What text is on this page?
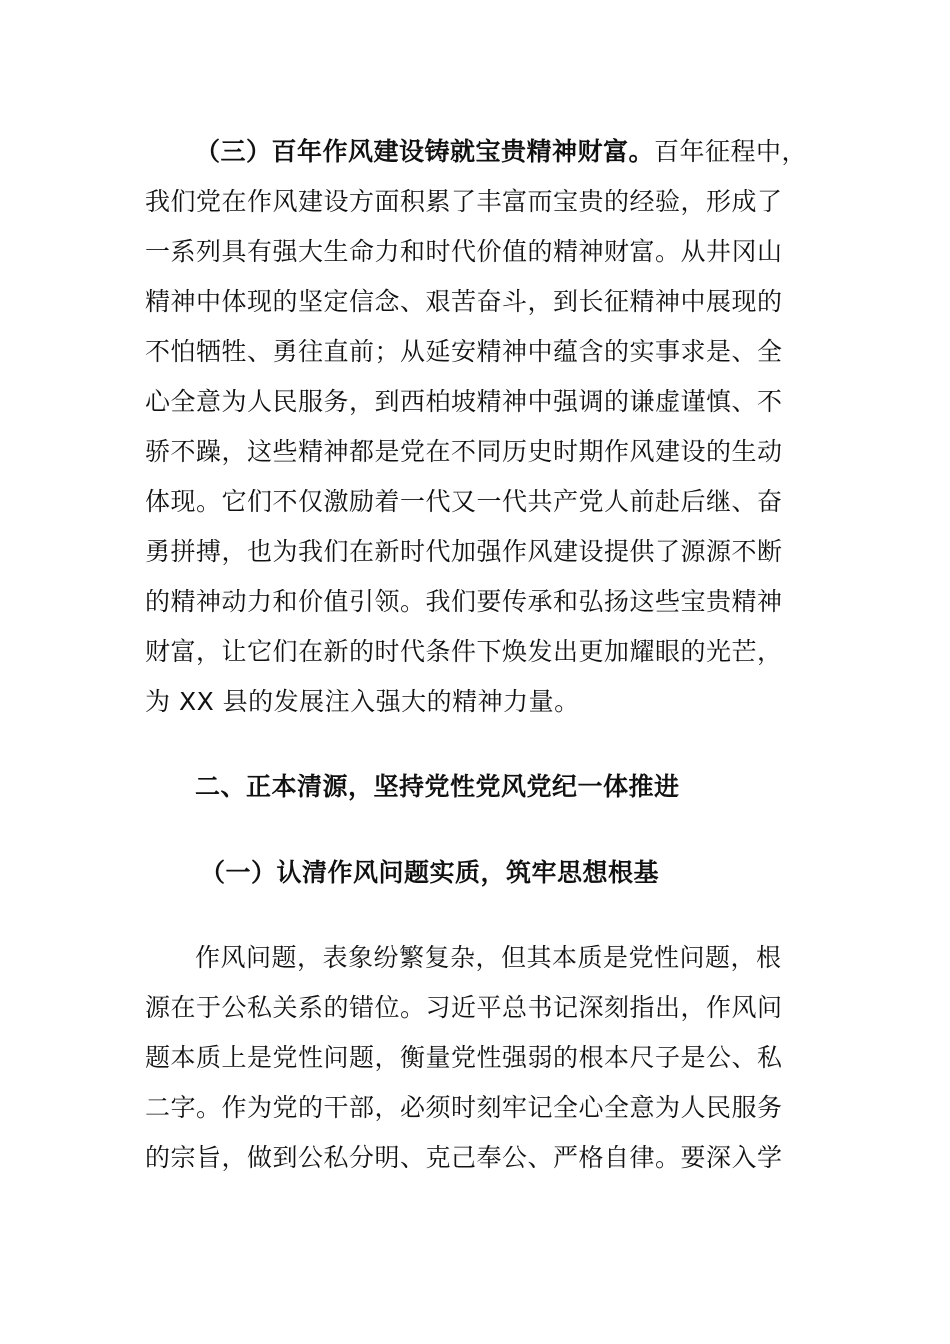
（三）百年作风建设铸就宝贵精神财富。百年征程中，
我们党在作风建设方面积累了丰富而宝贵的经验，形成了
一系列具有强大生命力和时代价值的精神财富。从井冈山
精神中体现的坚定信念、艰苦奋斗，到长征精神中展现的
不怕牺牲、勇往直前；从延安精神中蕴含的实事求是、全
心全意为人民服务，到西柏坡精神中强调的谦虚谨慎、不
骄不躁，这些精神都是党在不同历史时期作风建设的生动
体现。它们不仅激励着一代又一代共产党人前赴后继、奋
勇拼搏，也为我们在新时代加强作风建设提供了源源不断
的精神动力和价值引领。我们要传承和弘扬这些宝贵精神
财富，让它们在新的时代条件下焕发出更加耀眼的光芒，
为 XX 县的发展注入强大的精神力量。
二、正本清源，坚持党性党风党纪一体推进
（一）认清作风问题实质，筑牢思想根基
作风问题，表象纷繁复杂，但其本质是党性问题，根
源在于公私关系的错位。习近平总书记深刻指出，作风问
题本质上是党性问题，衡量党性强弱的根本尺子是公、私
二字。作为党的干部，必须时刻牢记全心全意为人民服务
的宗旨，做到公私分明、克己奉公、严格自律。要深入学
